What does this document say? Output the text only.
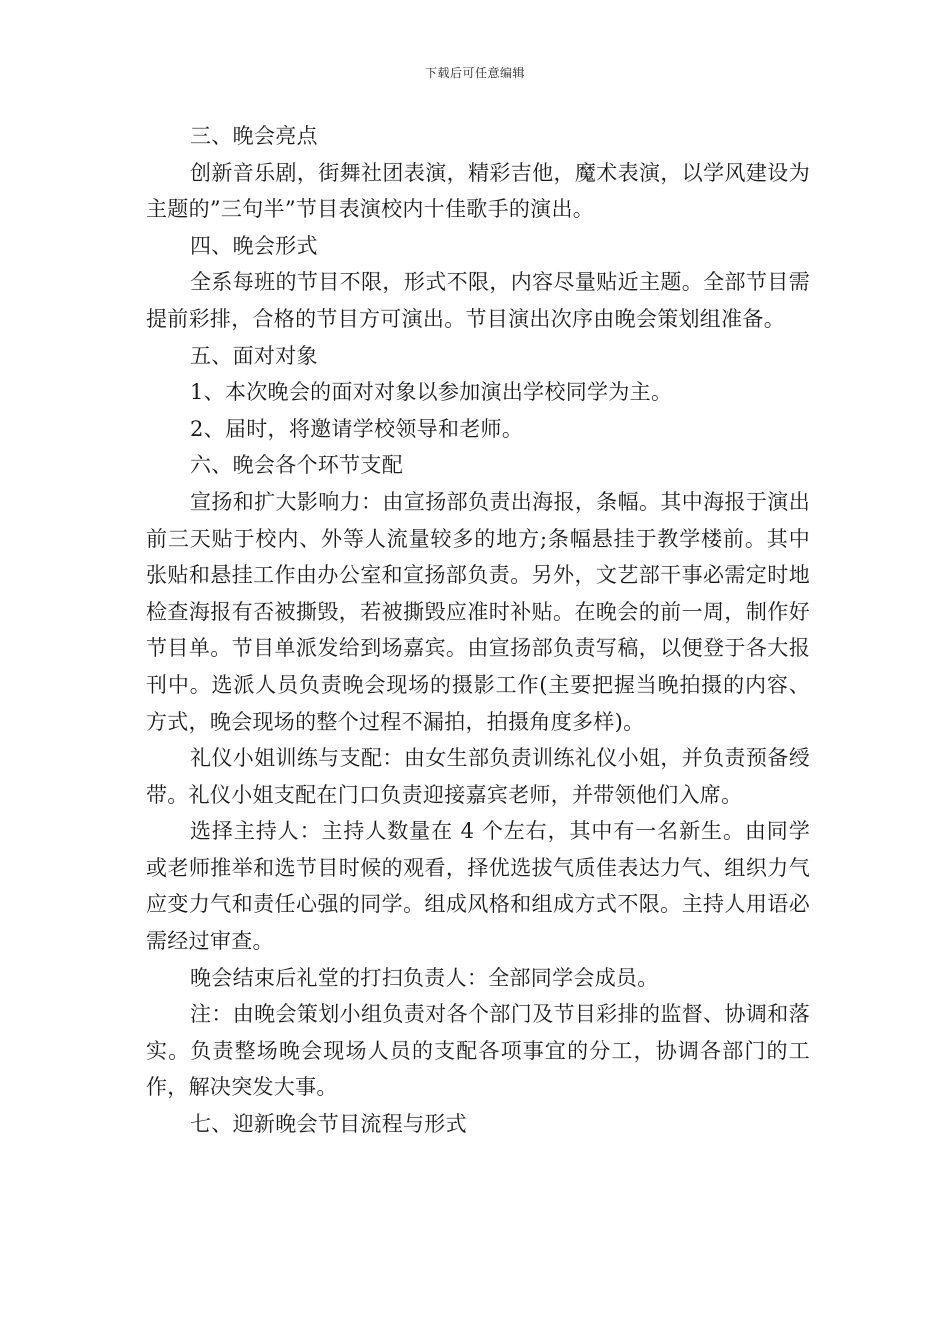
下载后可任意编辑

三、晚会亮点

创新音乐剧，街舞社团表演，精彩吉他，魔术表演，以学风建设为主题的”三句半”节目表演校内十佳歌手的演出。

四、晚会形式

全系每班的节目不限，形式不限，内容尽量贴近主题。全部节目需提前彩排，合格的节目方可演出。节目演出次序由晚会策划组准备。

五、面对对象

1、本次晚会的面对对象以参加演出学校同学为主。

2、届时，将邀请学校领导和老师。

六、晚会各个环节支配

宣扬和扩大影响力：由宣扬部负责出海报，条幅。其中海报于演出前三天贴于校内、外等人流量较多的地方;条幅悬挂于教学楼前。其中张贴和悬挂工作由办公室和宣扬部负责。另外，文艺部干事必需定时地检查海报有否被撕毁，若被撕毁应准时补贴。在晚会的前一周，制作好节目单。节目单派发给到场嘉宾。由宣扬部负责写稿，以便登于各大报刊中。选派人员负责晚会现场的摄影工作(主要把握当晚拍摄的内容、方式，晚会现场的整个过程不漏拍，拍摄角度多样)。

礼仪小姐训练与支配：由女生部负责训练礼仪小姐，并负责预备绶带。礼仪小姐支配在门口负责迎接嘉宾老师，并带领他们入席。

选择主持人：主持人数量在 4 个左右，其中有一名新生。由同学或老师推举和选节目时候的观看，择优选拔气质佳表达力气、组织力气应变力气和责任心强的同学。组成风格和组成方式不限。主持人用语必需经过审查。

晚会结束后礼堂的打扫负责人：全部同学会成员。

注：由晚会策划小组负责对各个部门及节目彩排的监督、协调和落实。负责整场晚会现场人员的支配各项事宜的分工，协调各部门的工作，解决突发大事。

七、迎新晚会节目流程与形式
